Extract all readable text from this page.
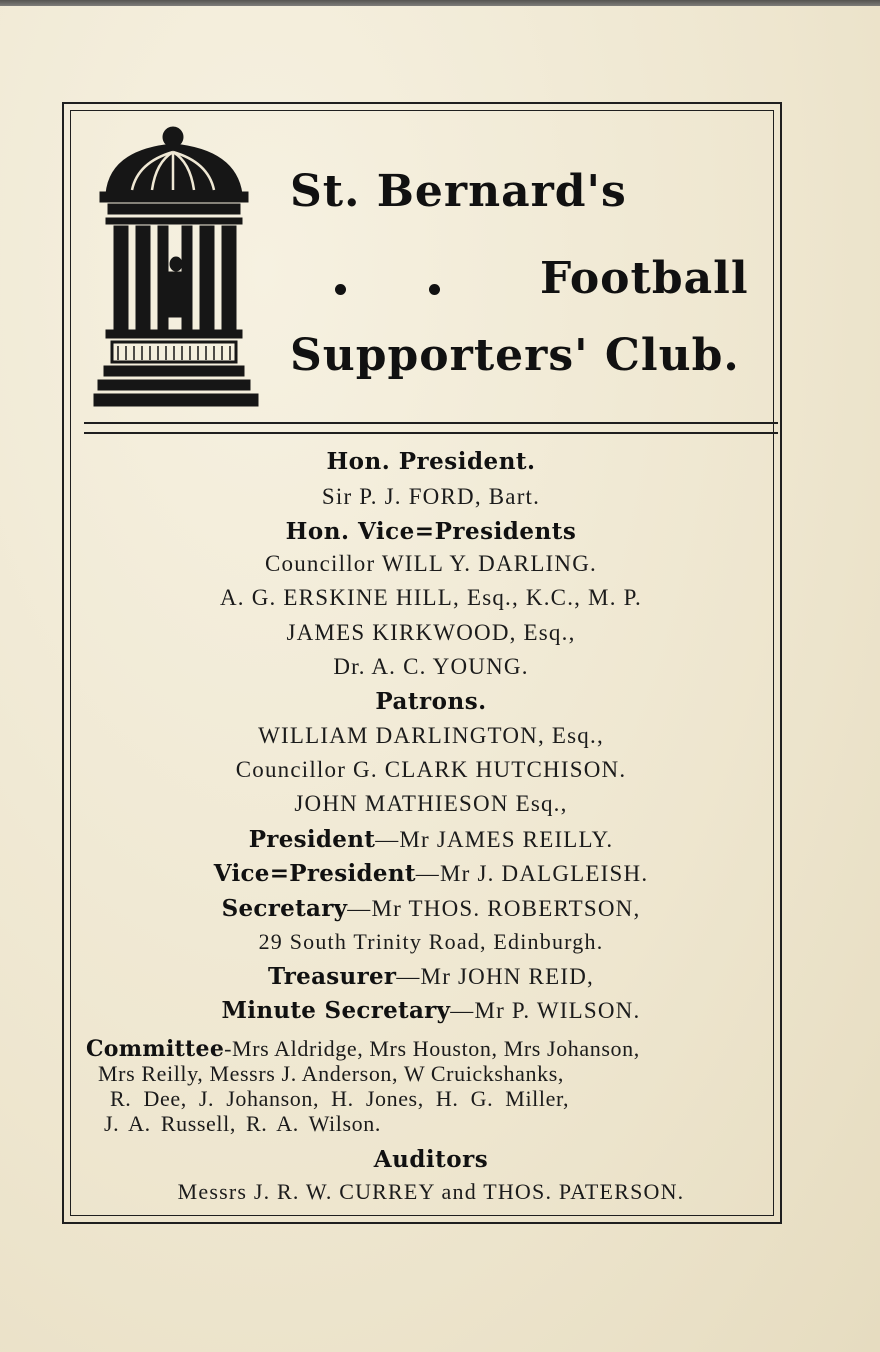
St. Bernard's
Football
Supporters' Club.
Hon. President.
Sir P. J. FORD, Bart.
Hon. Vice=Presidents
Councillor WILL Y. DARLING.
A. G. ERSKINE HILL, Esq., K.C., M. P.
JAMES KIRKWOOD, Esq.,
Dr. A. C. YOUNG.
Patrons.
WILLIAM DARLINGTON, Esq.,
Councillor G. CLARK HUTCHISON.
JOHN MATHIESON Esq.,
President—Mr JAMES REILLY.
Vice=President—Mr J. DALGLEISH.
Secretary—Mr THOS. ROBERTSON,
29 South Trinity Road, Edinburgh.
Treasurer—Mr JOHN REID,
Minute Secretary—Mr P. WILSON.
Committee-Mrs Aldridge, Mrs Houston, Mrs Johanson,
Mrs Reilly, Messrs J. Anderson, W Cruickshanks,
R. Dee, J. Johanson, H. Jones, H. G. Miller,
J. A. Russell, R. A. Wilson.
Auditors
Messrs J. R. W. CURREY and THOS. PATERSON.
